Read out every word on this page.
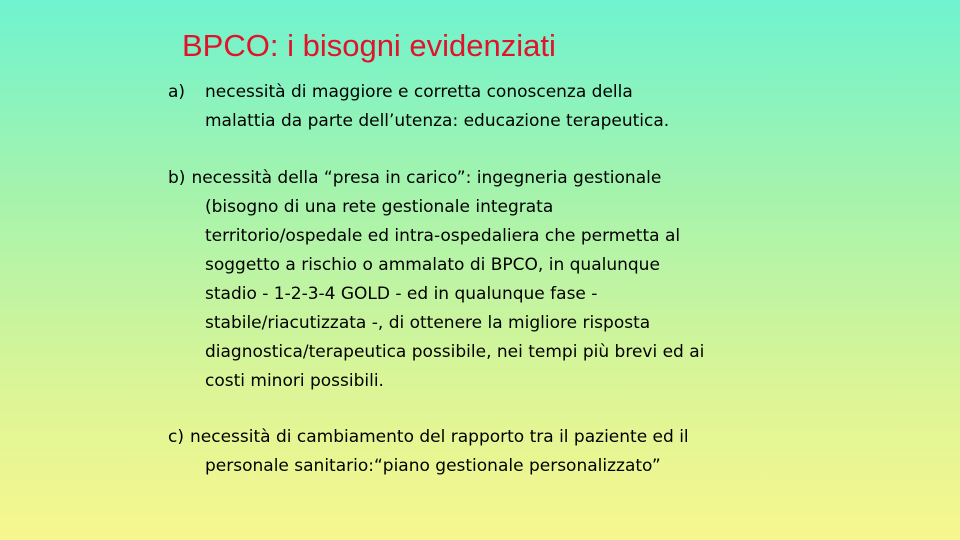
BPCO: i bisogni evidenziati
a) necessità di maggiore e corretta conoscenza della
malattia da parte dell’utenza: educazione terapeutica.
b) necessità della “presa in carico”: ingegneria gestionale
(bisogno di una rete gestionale integrata
territorio/ospedale ed intra-ospedaliera che permetta al
soggetto a rischio o ammalato di BPCO, in qualunque
stadio - 1-2-3-4 GOLD - ed in qualunque fase -
stabile/riacutizzata -, di ottenere la migliore risposta
diagnostica/terapeutica possibile, nei tempi più brevi ed ai
costi minori possibili.
c) necessità di cambiamento del rapporto tra il paziente ed il
personale sanitario:“piano gestionale personalizzato”
